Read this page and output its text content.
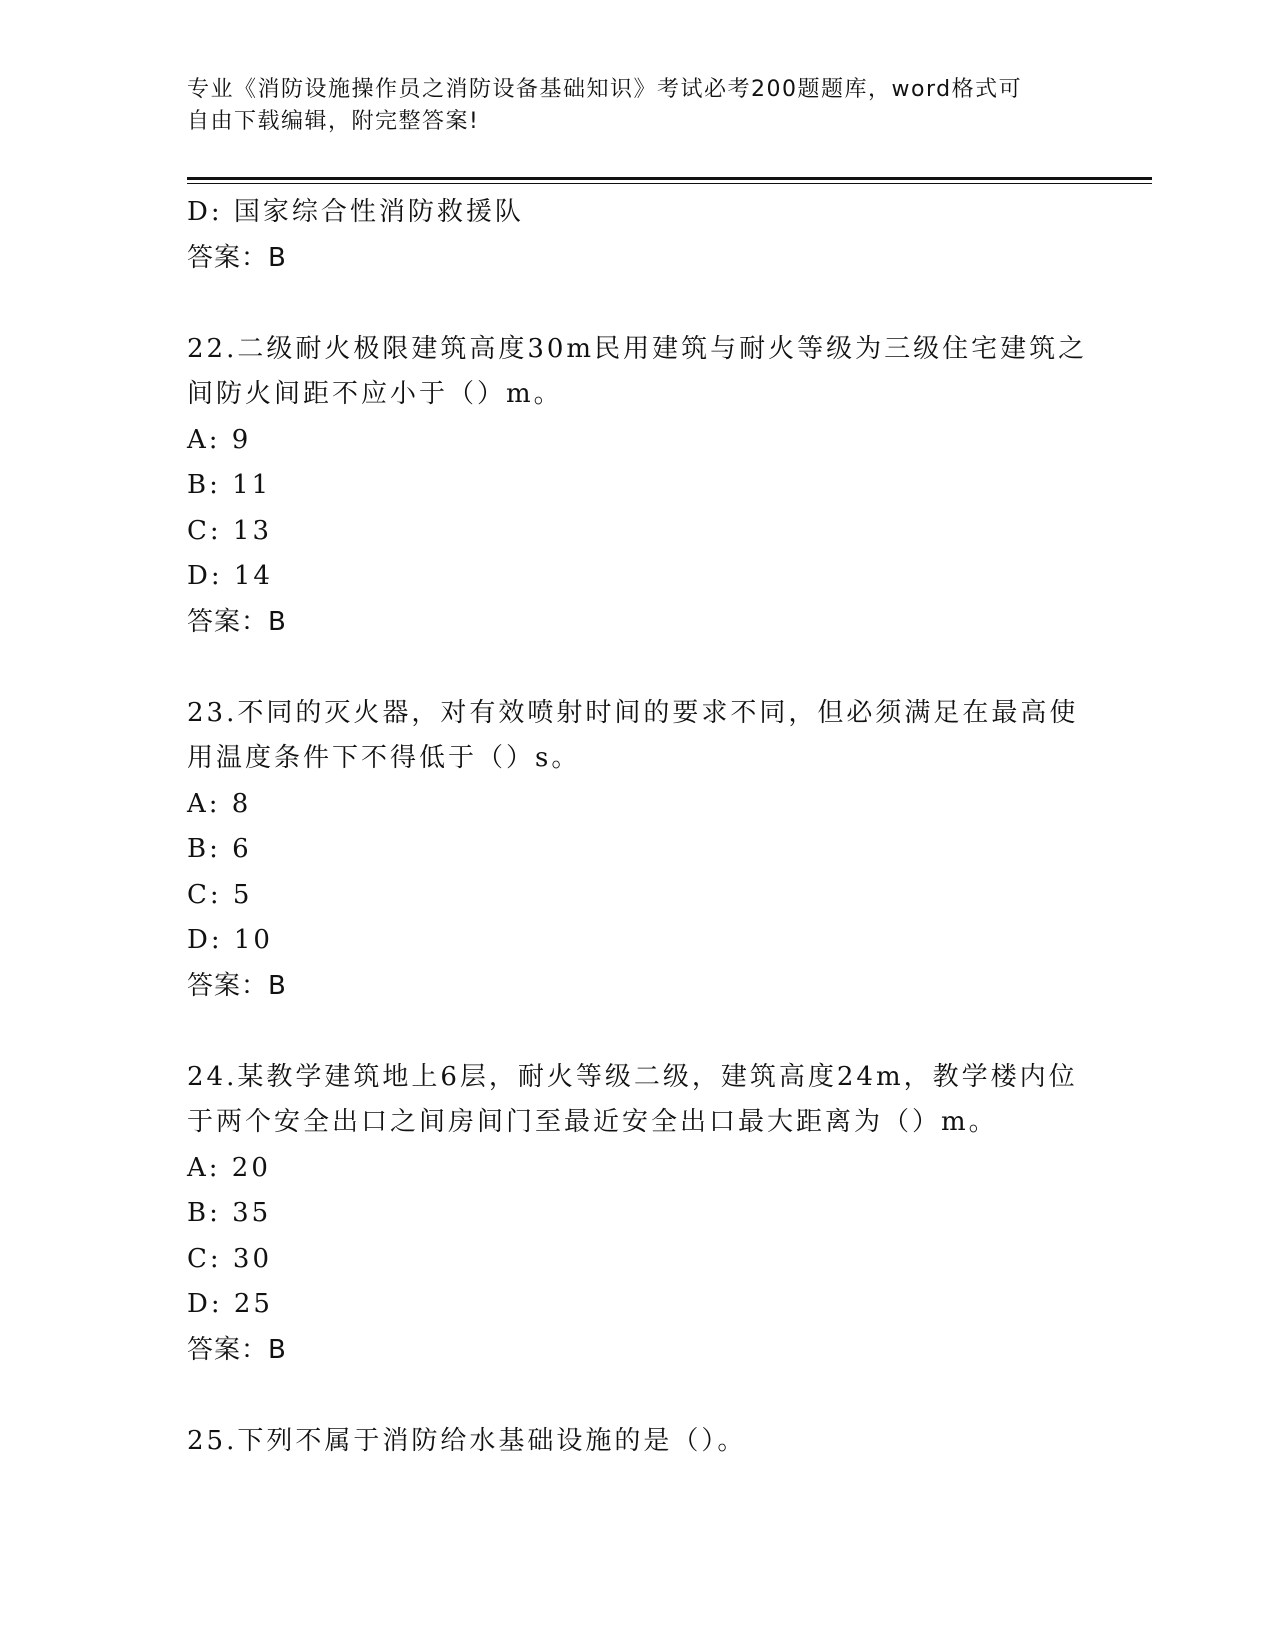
专业《消防设施操作员之消防设备基础知识》考试必考200题题库，word格式可
自由下载编辑，附完整答案!
D: 国家综合性消防救援队
答案：B
22.二级耐火极限建筑高度30m民用建筑与耐火等级为三级住宅建筑之
间防火间距不应小于（）m。
A: 9
B: 11
C: 13
D: 14
答案：B
23.不同的灭火器，对有效喷射时间的要求不同，但必须满足在最高使
用温度条件下不得低于（）s。
A: 8
B: 6
C: 5
D: 10
答案：B
24.某教学建筑地上6层，耐火等级二级，建筑高度24m，教学楼内位
于两个安全出口之间房间门至最近安全出口最大距离为（）m。
A: 20
B: 35
C: 30
D: 25
答案：B
25.下列不属于消防给水基础设施的是（）。
